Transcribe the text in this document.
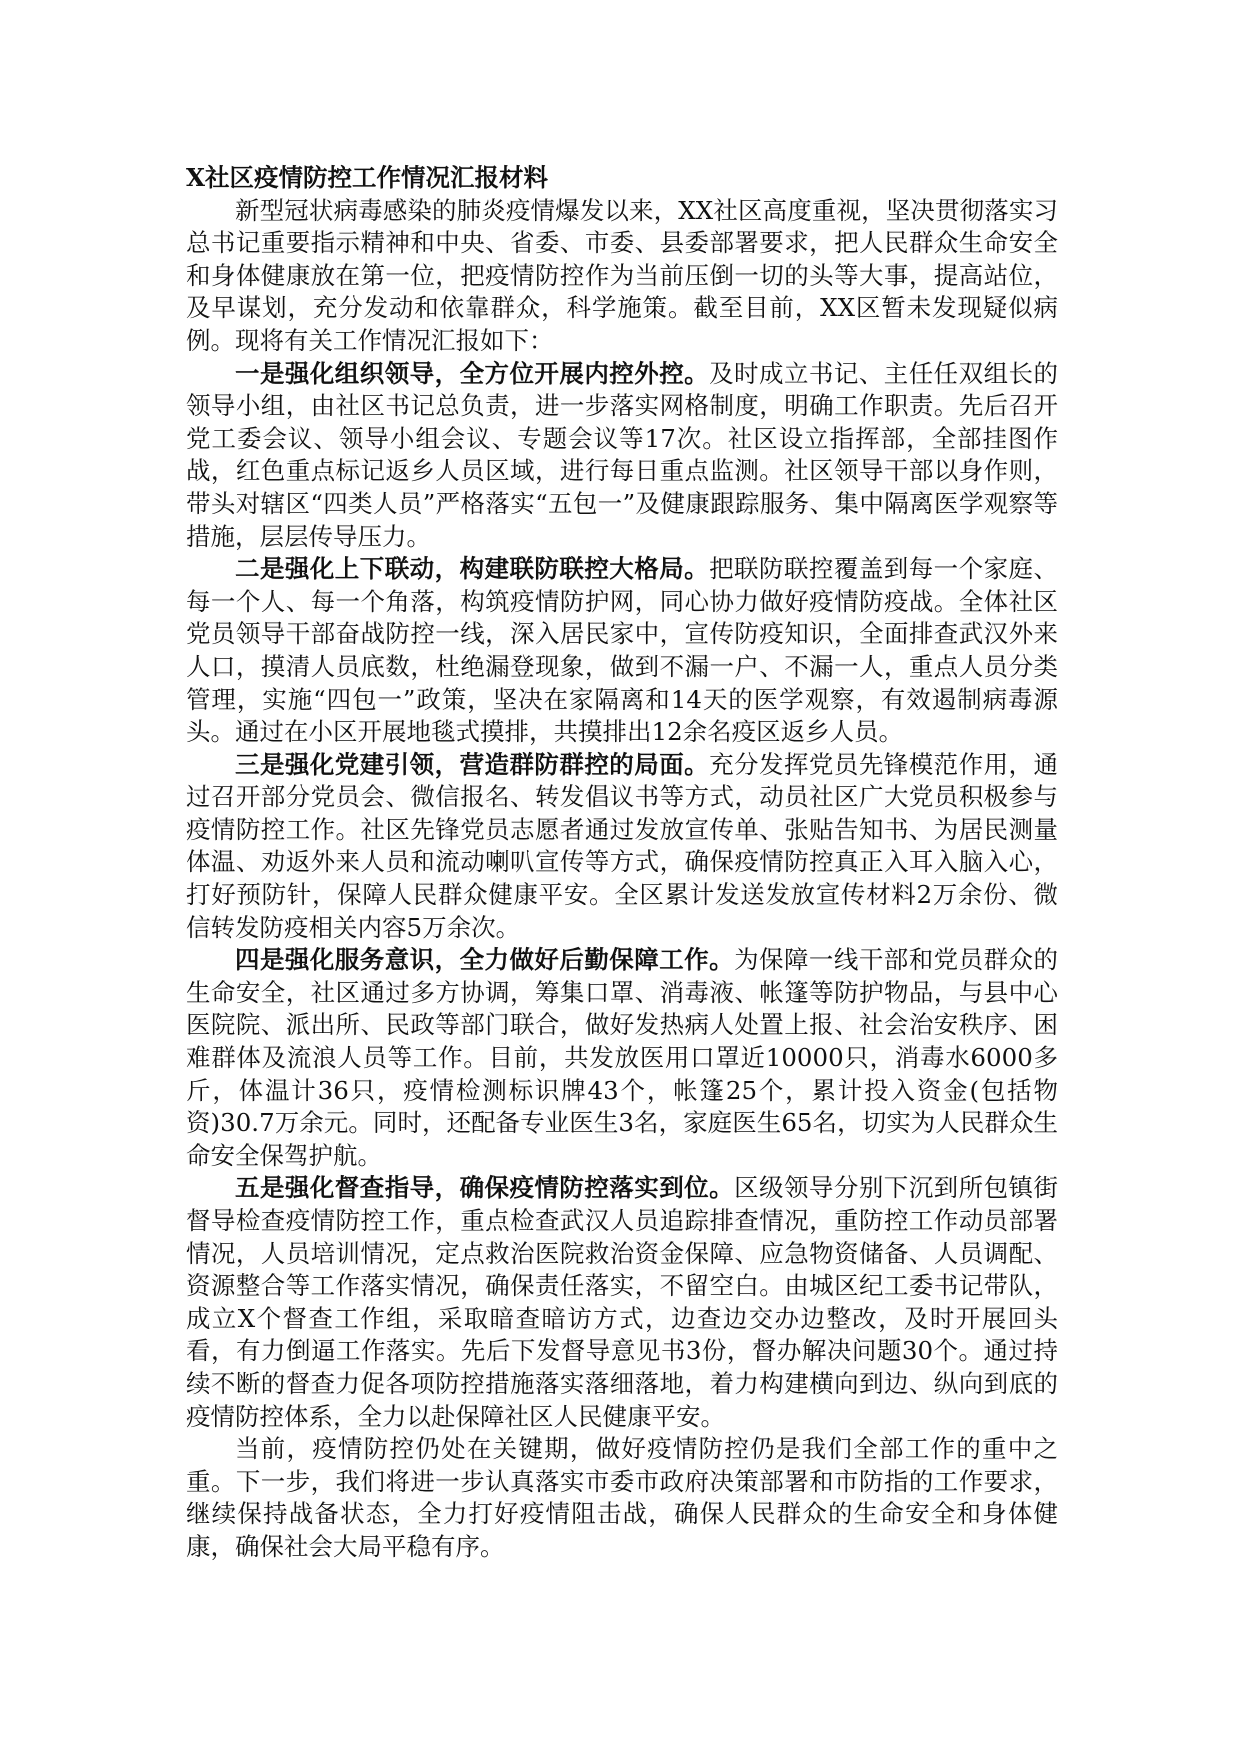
X社区疫情防控工作情况汇报材料

新型冠状病毒感染的肺炎疫情爆发以来，XX社区高度重视，坚决贯彻落实习总书记重要指示精神和中央、省委、市委、县委部署要求，把人民群众生命安全和身体健康放在第一位，把疫情防控作为当前压倒一切的头等大事，提高站位，及早谋划，充分发动和依靠群众，科学施策。截至目前，XX区暂未发现疑似病例。现将有关工作情况汇报如下：

一是强化组织领导，全方位开展内控外控。及时成立书记、主任任双组长的领导小组，由社区书记总负责，进一步落实网格制度，明确工作职责。先后召开党工委会议、领导小组会议、专题会议等17次。社区设立指挥部，全部挂图作战，红色重点标记返乡人员区域，进行每日重点监测。社区领导干部以身作则，带头对辖区“四类人员”严格落实“五包一”及健康跟踪服务、集中隔离医学观察等措施，层层传导压力。

二是强化上下联动，构建联防联控大格局。把联防联控覆盖到每一个家庭、每一个人、每一个角落，构筑疫情防护网，同心协力做好疫情防疫战。全体社区党员领导干部奋战防控一线，深入居民家中，宣传防疫知识，全面排查武汉外来人口，摸清人员底数，杜绝漏登现象，做到不漏一户、不漏一人，重点人员分类管理，实施“四包一”政策，坚决在家隔离和14天的医学观察，有效遏制病毒源头。通过在小区开展地毯式摸排，共摸排出12余名疫区返乡人员。

三是强化党建引领，营造群防群控的局面。充分发挥党员先锋模范作用，通过召开部分党员会、微信报名、转发倡议书等方式，动员社区广大党员积极参与疫情防控工作。社区先锋党员志愿者通过发放宣传单、张贴告知书、为居民测量体温、劝返外来人员和流动喇叭宣传等方式，确保疫情防控真正入耳入脑入心，打好预防针，保障人民群众健康平安。全区累计发送发放宣传材料2万余份、微信转发防疫相关内容5万余次。

四是强化服务意识，全力做好后勤保障工作。为保障一线干部和党员群众的生命安全，社区通过多方协调，筹集口罩、消毒液、帐篷等防护物品，与县中心医院院、派出所、民政等部门联合，做好发热病人处置上报、社会治安秩序、困难群体及流浪人员等工作。目前，共发放医用口罩近10000只，消毒水6000多斤，体温计36只，疫情检测标识牌43个，帐篷25个，累计投入资金(包括物资)30.7万余元。同时，还配备专业医生3名，家庭医生65名，切实为人民群众生命安全保驾护航。

五是强化督查指导，确保疫情防控落实到位。区级领导分别下沉到所包镇街督导检查疫情防控工作，重点检查武汉人员追踪排查情况，重防控工作动员部署情况，人员培训情况，定点救治医院救治资金保障、应急物资储备、人员调配、资源整合等工作落实情况，确保责任落实，不留空白。由城区纪工委书记带队，成立X个督查工作组，采取暗查暗访方式，边查边交办边整改，及时开展回头看，有力倒逼工作落实。先后下发督导意见书3份，督办解决问题30个。通过持续不断的督查力促各项防控措施落实落细落地，着力构建横向到边、纵向到底的疫情防控体系，全力以赴保障社区人民健康平安。

当前，疫情防控仍处在关键期，做好疫情防控仍是我们全部工作的重中之重。下一步，我们将进一步认真落实市委市政府决策部署和市防指的工作要求，继续保持战备状态，全力打好疫情阻击战，确保人民群众的生命安全和身体健康，确保社会大局平稳有序。
